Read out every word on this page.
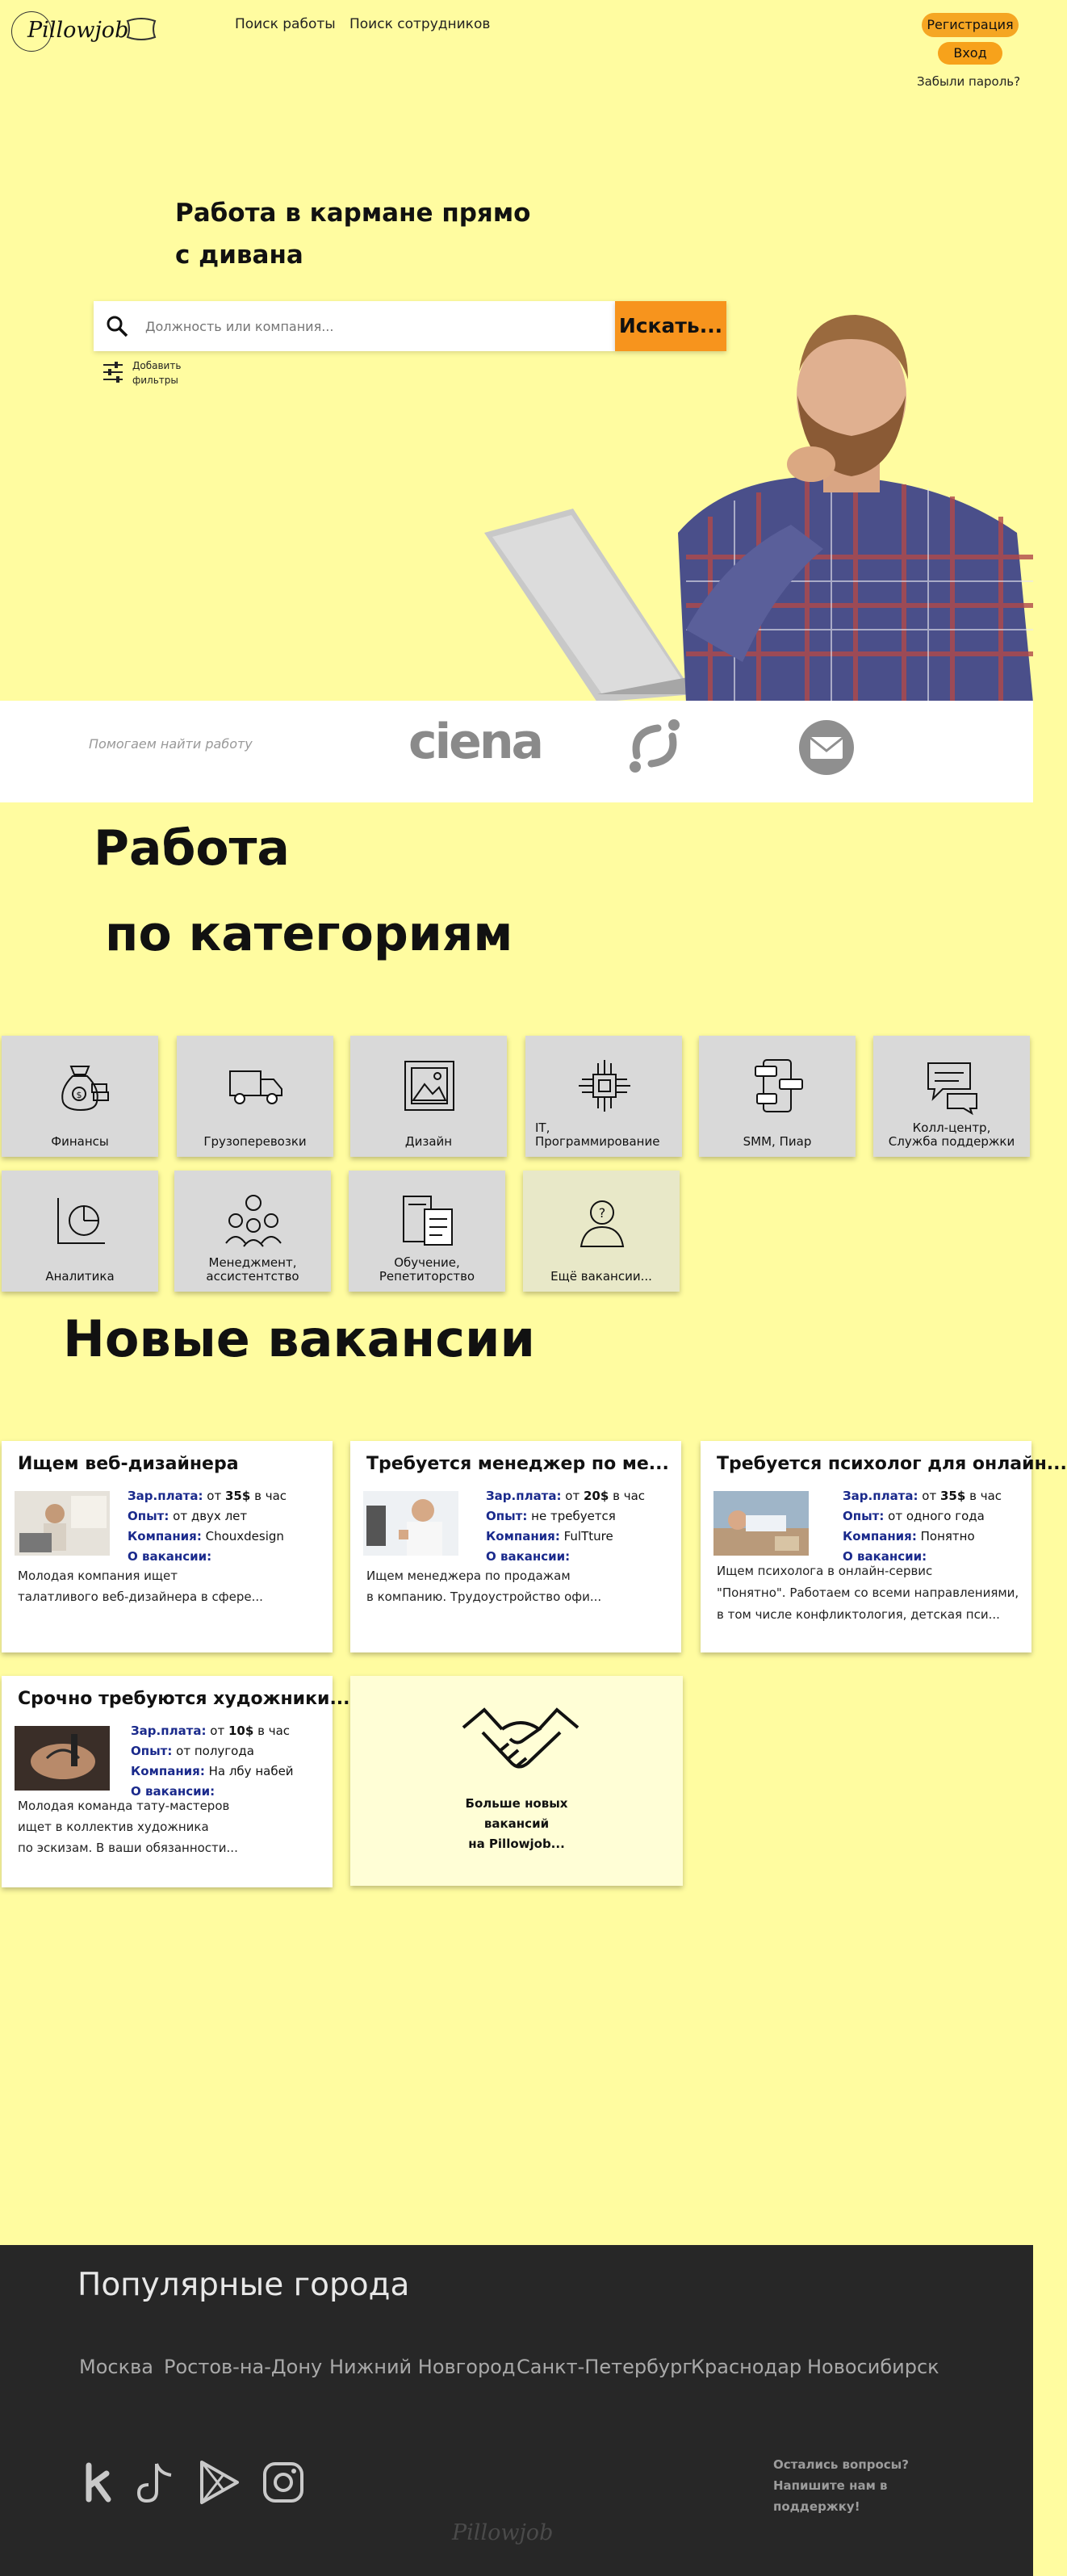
Pillowjob	Поиск работы Поиск сотрудников	Регистрация
Вход
Забыли пароль?
Работа в кармане прямо
с дивана
Должность или компания...
Искать...
Добавить
фильтры
Помогаем найти работу	ciena
Работа
по категориям
$
Финансы	Грузоперевозки	Дизайн
IT,
Программирование	SMM, Пиар
Колл-центр,
Служба поддержки
Аналитика
Менеджмент,
ассистентство
Обучение,
Репетиторство
?
Ещё вакансии...
Новые вакансии
Ищем веб-дизайнера
Зар.плата: от 35$ в час
Опыт: от двух лет
Компания: Chouxdesign
О вакансии:
Молодая компания ищет
талатливого веб-дизайнера в сфере...
Требуется менеджер по ме...
Зар.плата: от 20$ в час
Опыт: не требуется
Компания: FulTture
О вакансии:
Ищем менеджера по продажам
в компанию. Трудоустройство офи...
Требуется психолог для онлайн...
Зар.плата: от 35$ в час
Опыт: от одного года
Компания: Понятно
О вакансии:
Ищем психолога в онлайн-сервис
"Понятно". Работаем со всеми направлениями,
в том числе конфликтология, детская пси...
Срочно требуются художники...
Зар.плата: от 10$ в час
Опыт: от полугода
Компания: На лбу набей
О вакансии:
Молодая команда тату-мастеров
ищет в коллектив художника
по эскизам. В ваши обязанности...
Больше новых
вакансий
на Pillowjob...
Популярные города
Москва Ростов-на-Дону Нижний Новгород Санкт-Петербург
Краснодар Новосибирск
Остались вопросы?
Напишите нам в
поддержку!
Pillowjob
